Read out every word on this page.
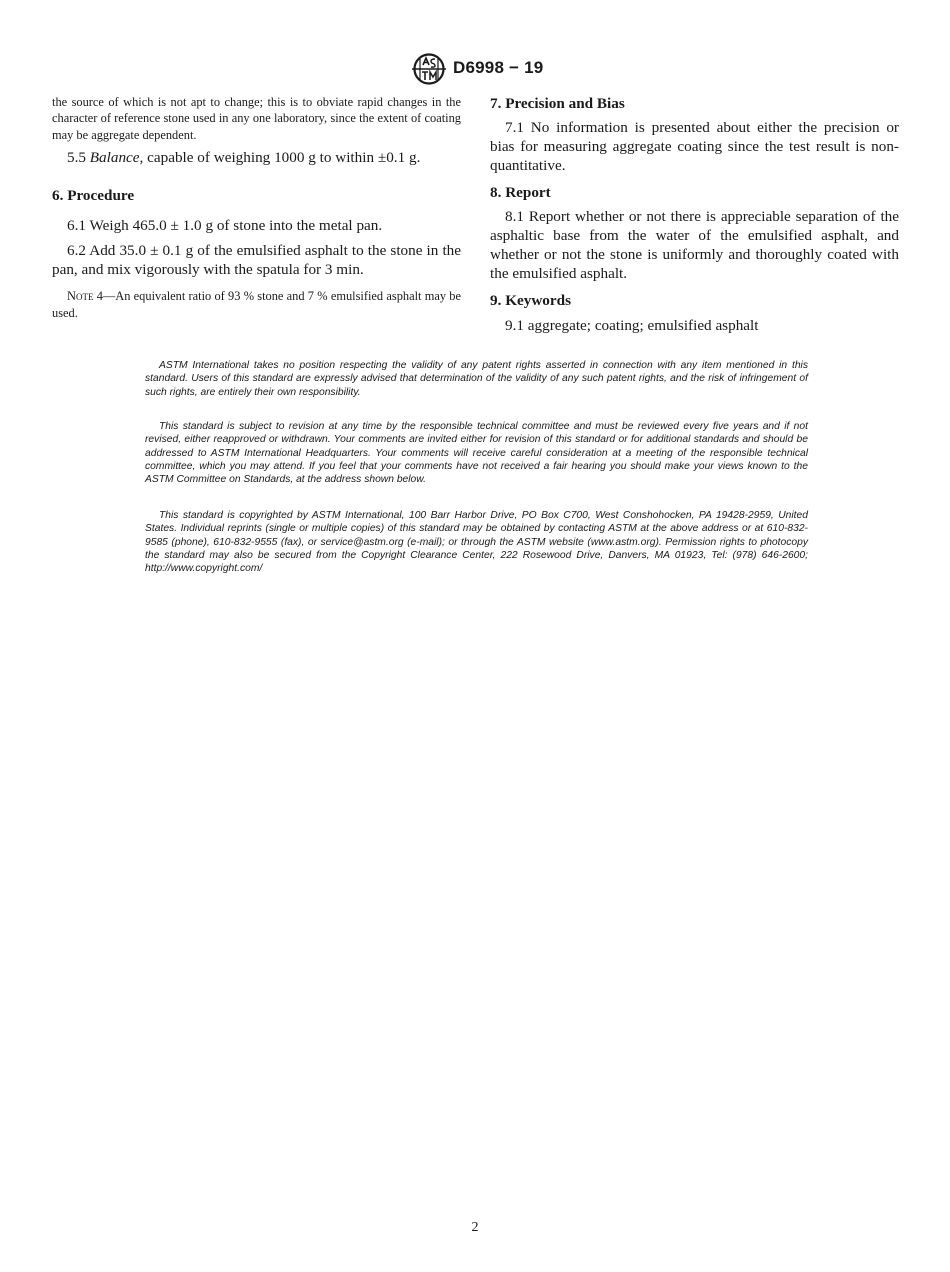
D6998 − 19

the source of which is not apt to change; this is to obviate rapid changes in the character of reference stone used in any one laboratory, since the extent of coating may be aggregate dependent.

5.5 Balance, capable of weighing 1000 g to within ±0.1 g.

6. Procedure

6.1 Weigh 465.0 ± 1.0 g of stone into the metal pan.

6.2 Add 35.0 ± 0.1 g of the emulsified asphalt to the stone in the pan, and mix vigorously with the spatula for 3 min.

Note 4—An equivalent ratio of 93 % stone and 7 % emulsified asphalt may be used.

7. Precision and Bias

7.1 No information is presented about either the precision or bias for measuring aggregate coating since the test result is non-quantitative.

8. Report

8.1 Report whether or not there is appreciable separation of the asphaltic base from the water of the emulsified asphalt, and whether or not the stone is uniformly and thoroughly coated with the emulsified asphalt.

9. Keywords

9.1 aggregate; coating; emulsified asphalt

ASTM International takes no position respecting the validity of any patent rights asserted in connection with any item mentioned in this standard. Users of this standard are expressly advised that determination of the validity of any such patent rights, and the risk of infringement of such rights, are entirely their own responsibility.

This standard is subject to revision at any time by the responsible technical committee and must be reviewed every five years and if not revised, either reapproved or withdrawn. Your comments are invited either for revision of this standard or for additional standards and should be addressed to ASTM International Headquarters. Your comments will receive careful consideration at a meeting of the responsible technical committee, which you may attend. If you feel that your comments have not received a fair hearing you should make your views known to the ASTM Committee on Standards, at the address shown below.

This standard is copyrighted by ASTM International, 100 Barr Harbor Drive, PO Box C700, West Conshohocken, PA 19428-2959, United States. Individual reprints (single or multiple copies) of this standard may be obtained by contacting ASTM at the above address or at 610-832-9585 (phone), 610-832-9555 (fax), or service@astm.org (e-mail); or through the ASTM website (www.astm.org). Permission rights to photocopy the standard may also be secured from the Copyright Clearance Center, 222 Rosewood Drive, Danvers, MA 01923, Tel: (978) 646-2600; http://www.copyright.com/

2
